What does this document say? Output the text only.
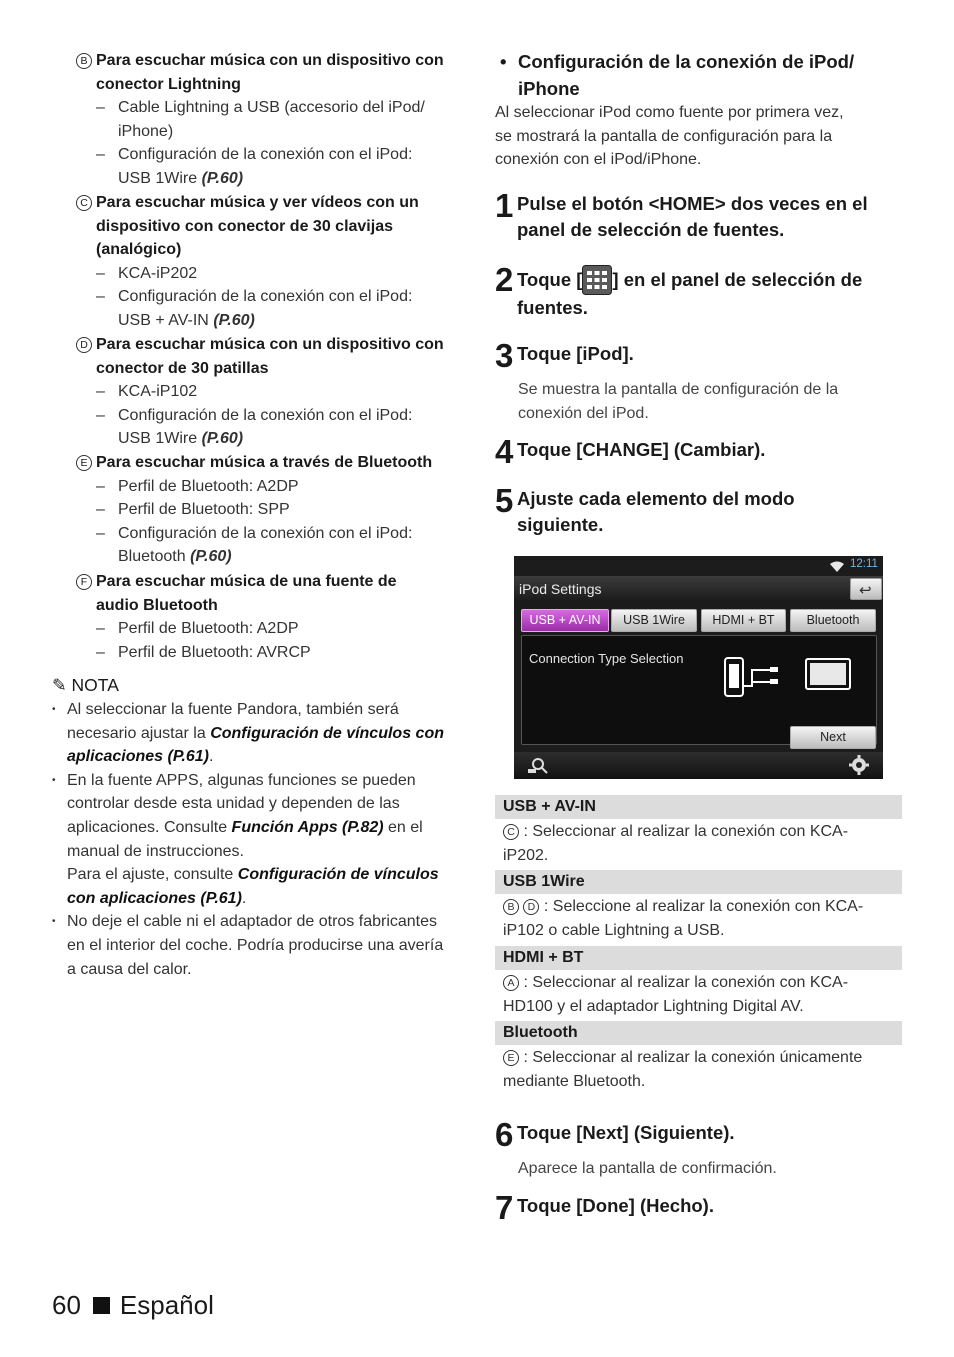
B Para escuchar música con un dispositivo con
conector Lightning
– Cable Lightning a USB (accesorio del iPod/
iPhone)
– Configuración de la conexión con el iPod:
USB 1Wire (P.60)
C Para escuchar música y ver vídeos con un
dispositivo con conector de 30 clavijas
(analógico)
– KCA-iP202
– Configuración de la conexión con el iPod:
USB + AV-IN (P.60)
D Para escuchar música con un dispositivo con
conector de 30 patillas
– KCA-iP102
– Configuración de la conexión con el iPod:
USB 1Wire (P.60)
E Para escuchar música a través de Bluetooth
– Perfil de Bluetooth: A2DP
– Perfil de Bluetooth: SPP
– Configuración de la conexión con el iPod:
Bluetooth (P.60)
F Para escuchar música de una fuente de
audio Bluetooth
– Perfil de Bluetooth: A2DP
– Perfil de Bluetooth: AVRCP
✎ NOTA
• Al seleccionar la fuente Pandora, también será
necesario ajustar la Configuración de vínculos con
aplicaciones (P.61).
• En la fuente APPS, algunas funciones se pueden
controlar desde esta unidad y dependen de las
aplicaciones. Consulte Función Apps (P.82) en el
manual de instrucciones.
Para el ajuste, consulte Configuración de vínculos
con aplicaciones (P.61).
• No deje el cable ni el adaptador de otros fabricantes
en el interior del coche. Podría producirse una avería
a causa del calor.
• Configuración de la conexión de iPod/
iPhone
Al seleccionar iPod como fuente por primera vez,
se mostrará la pantalla de configuración para la
conexión con el iPod/iPhone.
1 Pulse el botón <HOME> dos veces en el
panel de selección de fuentes.
2 Toque [ ] en el panel de selección de
fuentes.
3 Toque [iPod].
Se muestra la pantalla de configuración de la
conexión del iPod.
4 Toque [CHANGE] (Cambiar).
5 Ajuste cada elemento del modo
siguiente.
12:11
iPod Settings	↩
USB + AV-IN	USB 1Wire	HDMI + BT	Bluetooth
Connection Type Selection
Next
USB + AV-IN
C : Seleccionar al realizar la conexión con KCA-
iP202.
USB 1Wire
B D : Seleccione al realizar la conexión con KCA-
iP102 o cable Lightning a USB.
HDMI + BT
A : Seleccionar al realizar la conexión con KCA-
HD100 y el adaptador Lightning Digital AV.
Bluetooth
E : Seleccionar al realizar la conexión únicamente
mediante Bluetooth.
6 Toque [Next] (Siguiente).
Aparece la pantalla de confirmación.
7 Toque [Done] (Hecho).
60 Español
